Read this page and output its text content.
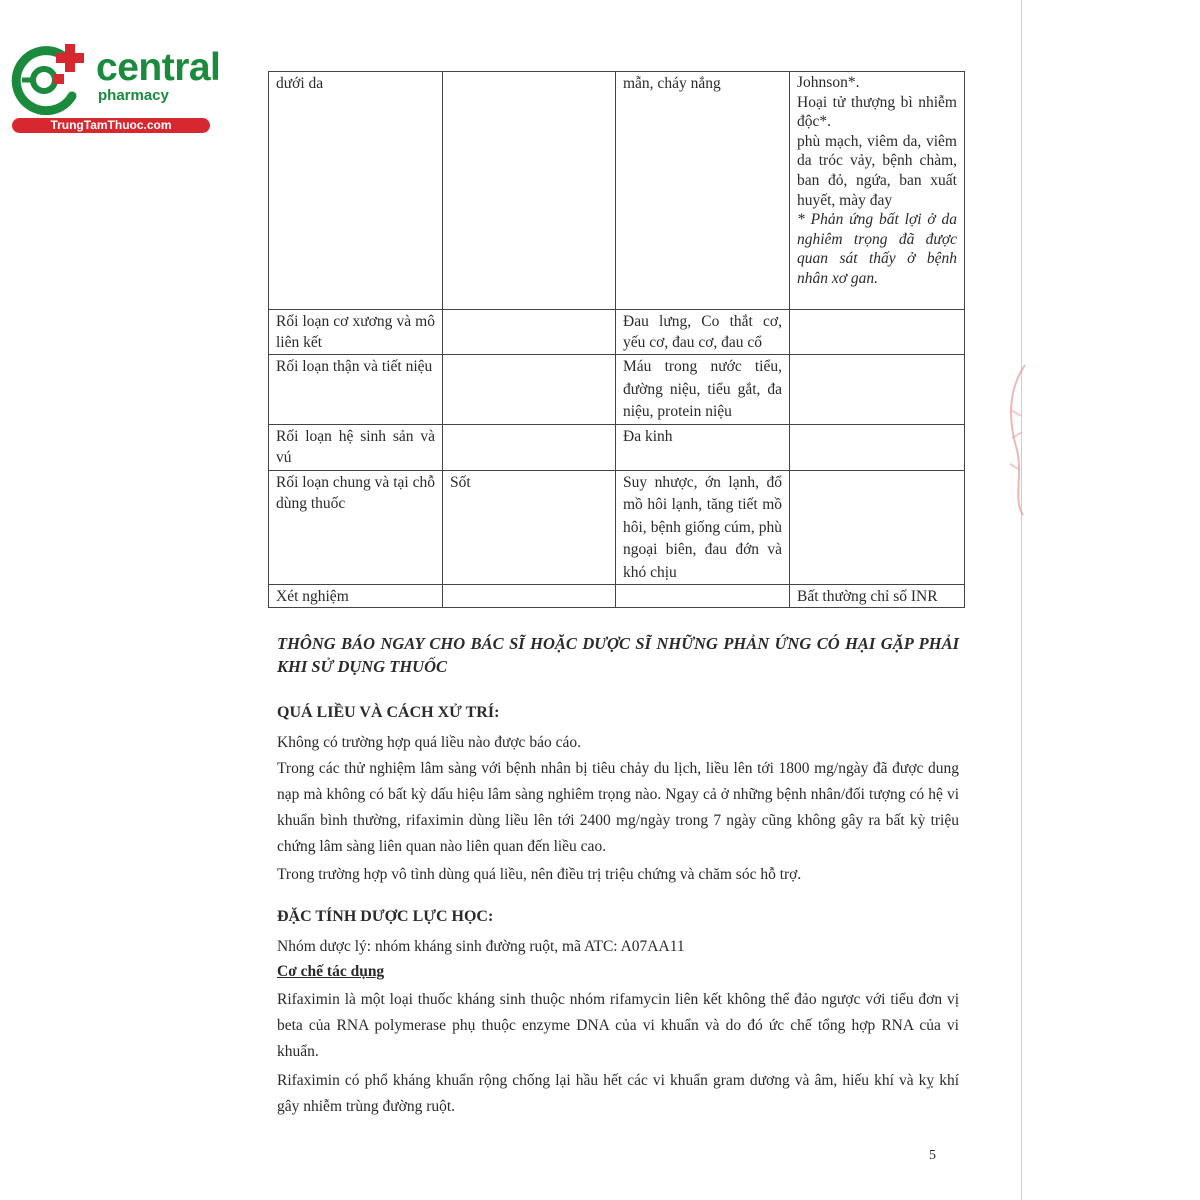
central
pharmacy
TrungTamThuoc.com
dưới da		mẫn, cháy nắng	Johnson*.
Hoại tử thượng bì nhiễm độc*.
phù mạch, viêm da, viêm da tróc vảy, bệnh chàm, ban đỏ, ngứa, ban xuất huyết, mày đay
* Phản ứng bất lợi ở da nghiêm trọng đã được quan sát thấy ở bệnh nhân xơ gan.

Rối loạn cơ xương và mô liên kết		Đau lưng, Co thắt cơ, yếu cơ, đau cơ, đau cổ	
Rối loạn thận và tiết niệu		Máu trong nước tiểu, đường niệu, tiểu gắt, đa niệu, protein niệu	
Rối loạn hệ sinh sản và vú		Đa kinh	
Rối loạn chung và tại chỗ dùng thuốc	Sốt	Suy nhược, ớn lạnh, đổ mồ hôi lạnh, tăng tiết mồ hôi, bệnh giống cúm, phù ngoại biên, đau đớn và khó chịu	
Xét nghiệm			Bất thường chỉ số INR
THÔNG BÁO NGAY CHO BÁC SĨ HOẶC DƯỢC SĨ NHỮNG PHẢN ỨNG CÓ HẠI GẶP PHẢI KHI SỬ DỤNG THUỐC
QUÁ LIỀU VÀ CÁCH XỬ TRÍ:
Không có trường hợp quá liều nào được báo cáo.
Trong các thử nghiệm lâm sàng với bệnh nhân bị tiêu chảy du lịch, liều lên tới 1800 mg/ngày đã được dung nạp mà không có bất kỳ dấu hiệu lâm sàng nghiêm trọng nào. Ngay cả ở những bệnh nhân/đối tượng có hệ vi khuẩn bình thường, rifaximin dùng liều lên tới 2400 mg/ngày trong 7 ngày cũng không gây ra bất kỳ triệu chứng lâm sàng liên quan nào liên quan đến liều cao.
Trong trường hợp vô tình dùng quá liều, nên điều trị triệu chứng và chăm sóc hỗ trợ.
ĐẶC TÍNH DƯỢC LỰC HỌC:
Nhóm dược lý: nhóm kháng sinh đường ruột, mã ATC: A07AA11
Cơ chế tác dụng
Rifaximin là một loại thuốc kháng sinh thuộc nhóm rifamycin liên kết không thể đảo ngược với tiểu đơn vị beta của RNA polymerase phụ thuộc enzyme DNA của vi khuẩn và do đó ức chế tổng hợp RNA của vi khuẩn.
Rifaximin có phổ kháng khuẩn rộng chống lại hầu hết các vi khuẩn gram dương và âm, hiếu khí và kỵ khí gây nhiễm trùng đường ruột.
5
